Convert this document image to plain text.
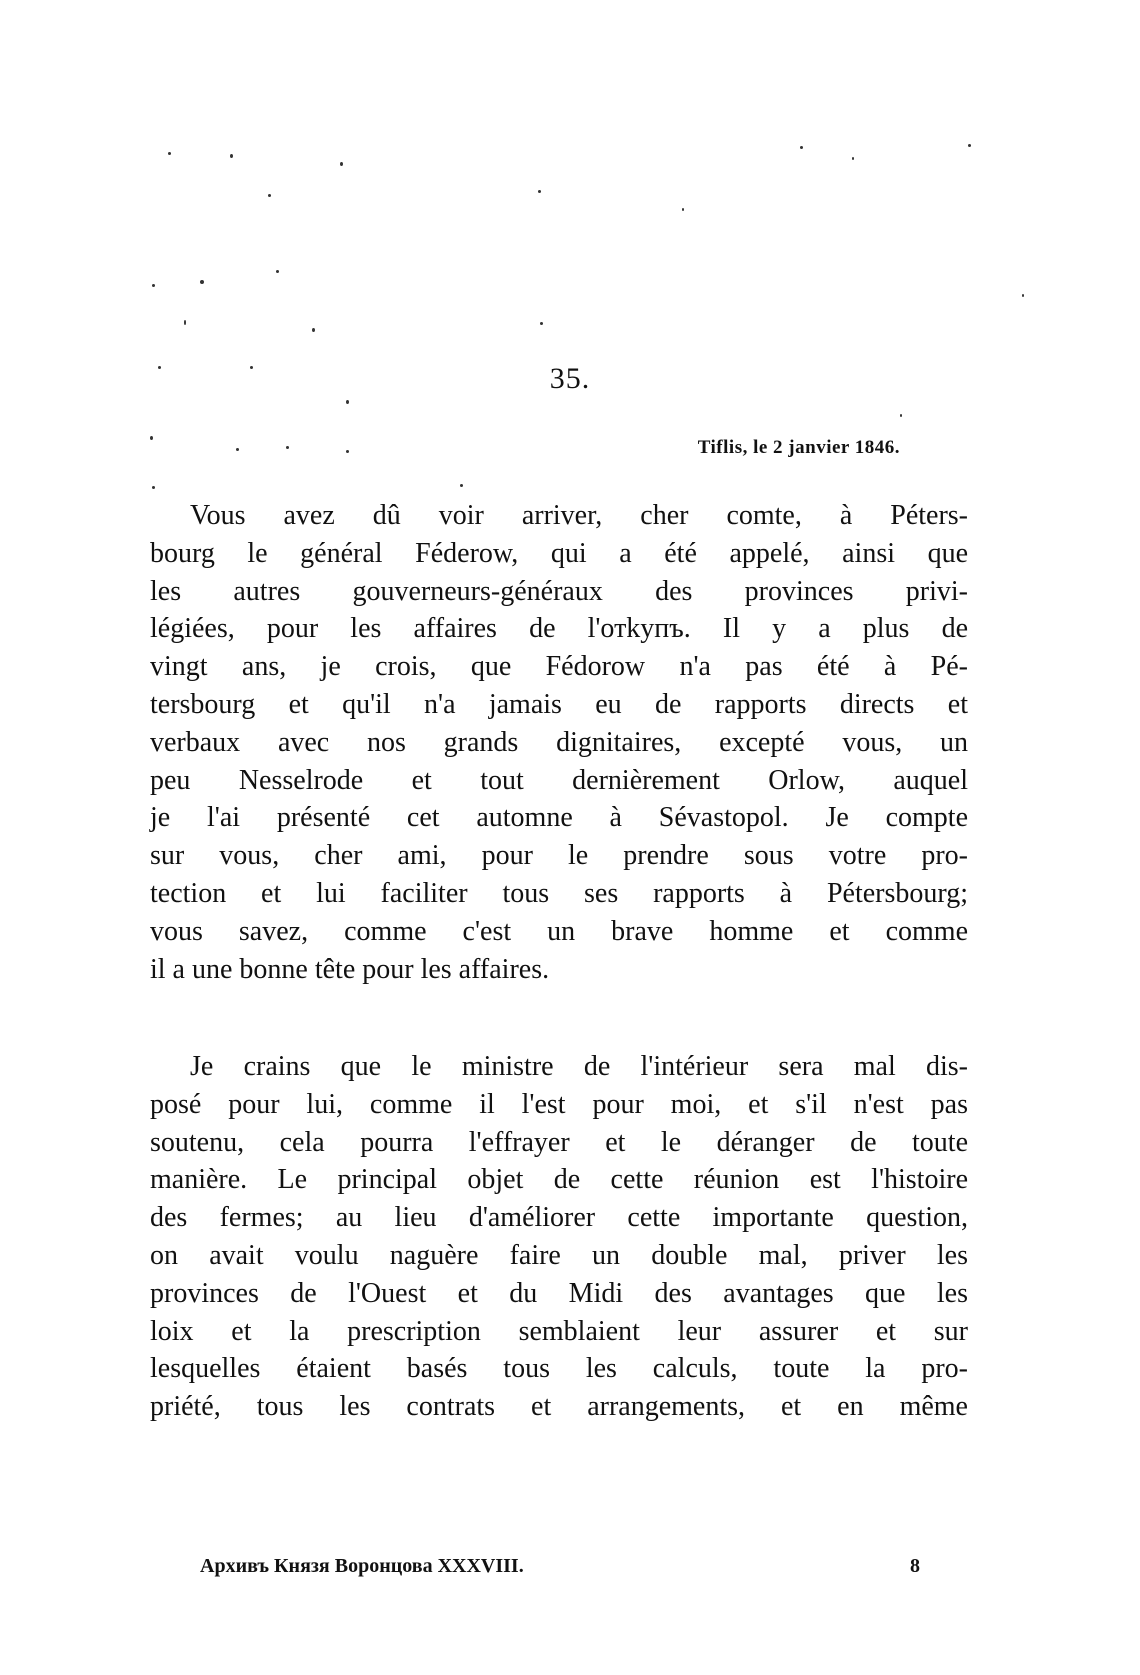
35.
Tiflis, le 2 janvier 1846.
Vous avez dû voir arriver, cher comte, à Péters-
bourg le général Féderow, qui a été appelé, ainsi que
les autres gouverneurs-généraux des provinces privi-
légiées, pour les affaires de l'отkупъ. Il y a plus de
vingt ans, je crois, que Fédorow n'a pas été à Pé-
tersbourg et qu'il n'a jamais eu de rapports directs et
verbaux avec nos grands dignitaires, excepté vous, un
peu Nesselrode et tout dernièrement Orlow, auquel
je l'ai présenté cet automne à Sévastopol. Je compte
sur vous, cher ami, pour le prendre sous votre pro-
tection et lui faciliter tous ses rapports à Pétersbourg;
vous savez, comme c'est un brave homme et comme
il a une bonne tête pour les affaires.
Je crains que le ministre de l'intérieur sera mal dis-
posé pour lui, comme il l'est pour moi, et s'il n'est pas
soutenu, cela pourra l'effrayer et le déranger de toute
manière. Le principal objet de cette réunion est l'histoire
des fermes; au lieu d'améliorer cette importante question,
on avait voulu naguère faire un double mal, priver les
provinces de l'Ouest et du Midi des avantages que les
loix et la prescription semblaient leur assurer et sur
lesquelles étaient basés tous les calculs, toute la pro-
priété, tous les contrats et arrangements, et en même
Архивъ Князя Воронцова XXXVIII.	8
